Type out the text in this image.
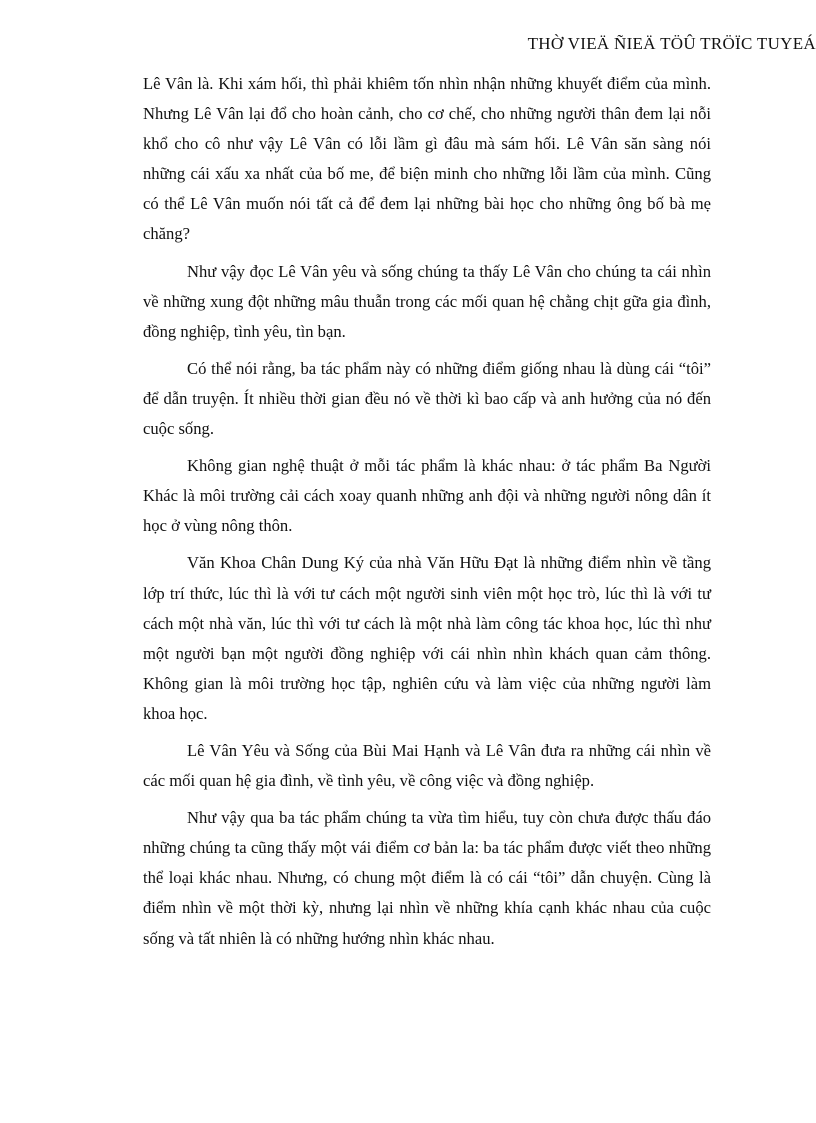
THỜ VIEÄ ÑIEÄ TÖÛ TRÖÏC TUYEÁ

Lê Vân là. Khi xám hối, thì phải khiêm tốn nhìn nhận những khuyết điểm của mình. Nhưng Lê Vân lại đổ cho hoàn cảnh, cho cơ chế, cho những người thân đem lại nỗi khổ cho cô như vậy Lê Vân có lỗi lầm gì đâu mà sám hối. Lê Vân săn sàng nói những cái xấu xa nhất của bố me, để biện minh cho những lỗi lầm của mình. Cũng có thể Lê Vân muốn nói tất cả để đem lại những bài học cho những ông bố bà mẹ chăng?

Như vậy đọc Lê Vân yêu và sống chúng ta thấy Lê Vân cho chúng ta cái nhìn về những xung đột những mâu thuẫn trong các mối quan hệ chằng chịt gữa gia đình, đồng nghiệp, tình yêu, tìn bạn.

Có thể nói rằng, ba tác phẩm này có những điểm giống nhau là dùng cái “tôi” để dẫn truyện. Ít nhiều thời gian đều nó về thời kì bao cấp và anh hưởng của nó đến cuộc sống.

Không gian nghệ thuật ở mỗi tác phẩm là khác nhau: ở tác phẩm Ba Người Khác là môi trường cải cách xoay quanh những anh đội và những người nông dân ít học ở vùng nông thôn.

Văn Khoa Chân Dung Ký của nhà Văn Hữu Đạt là những điểm nhìn về tầng lớp trí thức, lúc thì là với tư cách một người sinh viên một học trò, lúc thì là với tư cách một nhà văn, lúc thì với tư cách là một nhà làm công tác khoa học, lúc thì như một người bạn một người đồng nghiệp với cái nhìn nhìn khách quan cảm thông. Không gian là môi trường học tập, nghiên cứu và làm việc của những người làm khoa học.

Lê Vân Yêu và Sống của Bùi Mai Hạnh và Lê Vân đưa ra những cái nhìn về các mối quan hệ gia đình, về tình yêu, về công việc và đồng nghiệp.

Như vậy qua ba tác phẩm chúng ta vừa tìm hiểu, tuy còn chưa được thấu đáo những chúng ta cũng thấy một vái điểm cơ bản la: ba tác phẩm được viết theo những thể loại khác nhau. Nhưng, có chung một điểm là có cái “tôi” dẫn chuyện. Cùng là điểm nhìn về một thời kỳ, nhưng lại nhìn về những khía cạnh khác nhau của cuộc sống và tất nhiên là có những hướng nhìn khác nhau.
